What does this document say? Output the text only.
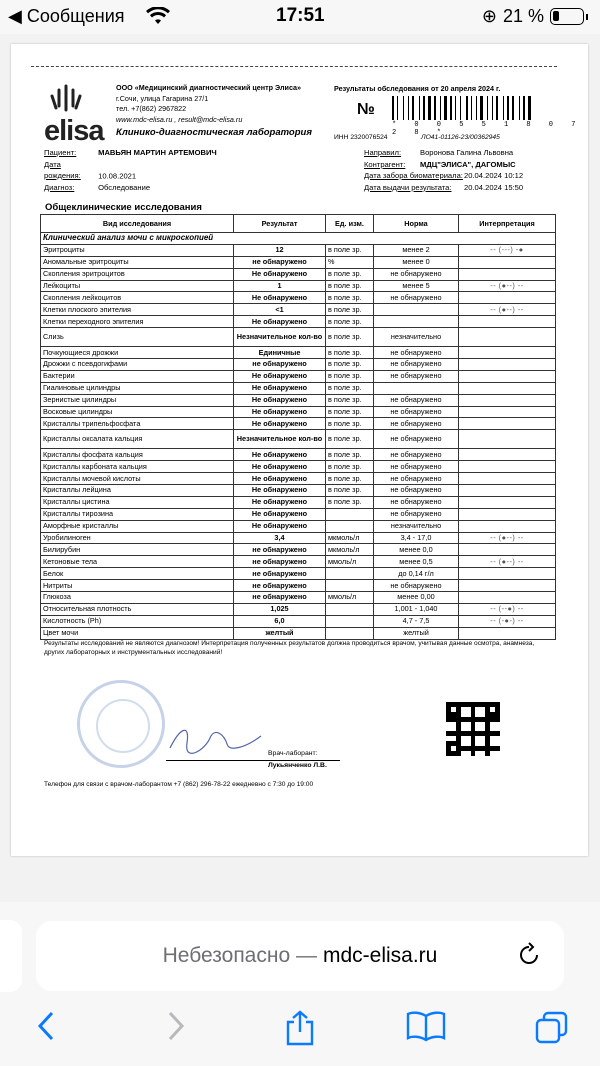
◀ Сообщения	17:51	⊕ 21 %
elisa
ООО «Медицинский диагностический центр Элиса»
г.Сочи, улица Гагарина 27/1
тел. +7(862) 2967822
www.mdc-elisa.ru , result@mdc-elisa.ru
Клинико-диагностическая лаборатория
Результаты обследования от 20 апреля 2024 г.
№
* 0 0 5 5 1 8 0 7 2 8 *
ИНН 2320076524	ЛО41-01126-23/00362945
Пациент:	МАВЬЯН МАРТИН АРТЕМОВИЧ
Дата рождения: 10.08.2021
Диагноз:	Обследование
Направил: Воронова Галина Львовна
Контрагент: МДЦ"ЭЛИСА", ДАГОМЫС
Дата забора биоматериала:20.04.2024 10:12
Дата выдачи результата: 20.04.2024 15:50
Общеклинические исследования
Вид исследования	Результат	Ед. изм.	Норма	Интерпретация
Клинический анализ мочи с микроскопией				
Эритроциты	12	в поле зр.	менее 2	-- (---) -●
Аномальные эритроциты	не обнаружено	%	менее 0	
Скопления эритроцитов	Не обнаружено	в поле зр.	не обнаружено	
Лейкоциты	1	в поле зр.	менее 5	-- (●--) --
Скопления лейкоцитов	Не обнаружено	в поле зр.	не обнаружено	
Клетки плоского эпителия	<1	в поле зр.		-- (●--) --
Клетки переходного эпителия	Не обнаружено	в поле зр.		
Слизь	Незначительное кол-во	в поле зр.	незначительно	
Почкующиеся дрожжи	Единичные	в поле зр.	не обнаружено	
Дрожжи с псевдогифами	не обнаружено	в поле зр.	не обнаружено	
Бактерии	Не обнаружено	в поле зр.	не обнаружено	
Гиалиновые цилиндры	Не обнаружено	в поле зр.		
Зернистые цилиндры	Не обнаружено	в поле зр.	не обнаружено	
Восковые цилиндры	Не обнаружено	в поле зр.	не обнаружено	
Кристаллы трипельфосфата	Не обнаружено	в поле зр.	не обнаружено	
Кристаллы оксалата кальция	Незначительное кол-во	в поле зр.	не обнаружено	
Кристаллы фосфата кальция	Не обнаружено	в поле зр.	не обнаружено	
Кристаллы карбоната кальция	Не обнаружено	в поле зр.	не обнаружено	
Кристаллы мочевой кислоты	Не обнаружено	в поле зр.	не обнаружено	
Кристаллы лейцина	Не обнаружено	в поле зр.	не обнаружено	
Кристаллы цистина	Не обнаружено	в поле зр.	не обнаружено	
Кристаллы тирозина	Не обнаружено		не обнаружено	
Аморфные кристаллы	Не обнаружено		незначительно	
Уробилиноген	3,4	мкмоль/л	3,4 - 17,0	-- (●--) --
Билирубин	не обнаружено	мкмоль/л	менее 0,0	
Кетоновые тела	не обнаружено	ммоль/л	менее 0,5	-- (●--) --
Белок	не обнаружено		до 0,14 г/л	
Нитриты	не обнаружено		не обнаружено	
Глюкоза	не обнаружено	ммоль/л	менее 0,00	
Относительная плотность	1,025		1,001 - 1,040	-- (--●) --
Кислотность (Ph)	6,0		4,7 - 7,5	-- (-●-) --
Цвет мочи	желтый		желтый	
Результаты исследований не являются диагнозом! Интерпретация полученных результатов должна проводиться врачом, учитывая данные осмотра, анамнеза, других лабораторных и инструментальных исследований!
Врач-лаборант:
Лукьянченко Л.В.
Телефон для связи с врачом-лаборантом +7 (862) 296-78-22 ежедневно с 7:30 до 19:00
Небезопасно — mdc-elisa.ru
